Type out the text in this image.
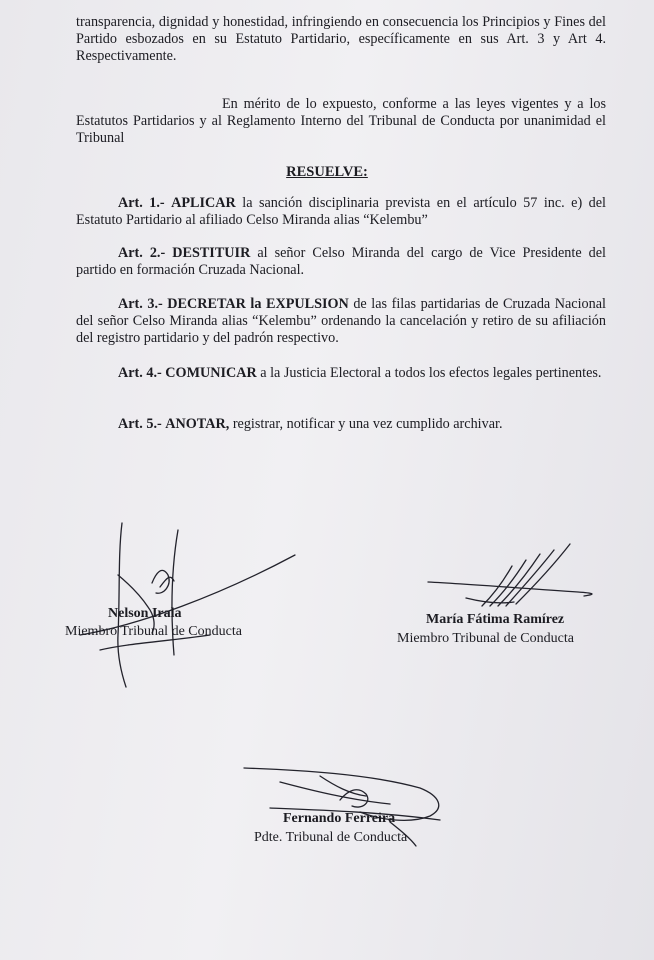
transparencia, dignidad y honestidad, infringiendo en consecuencia los Principios y Fines del Partido esbozados en su Estatuto Partidario, específicamente en sus Art. 3 y Art 4. Respectivamente.

En mérito de lo expuesto, conforme a las leyes vigentes y a los Estatutos Partidarios y al Reglamento Interno del Tribunal de Conducta por unanimidad el Tribunal

RESUELVE:

Art. 1.- APLICAR la sanción disciplinaria prevista en el artículo 57 inc. e) del Estatuto Partidario al afiliado Celso Miranda alias “Kelembu”

Art. 2.- DESTITUIR al señor Celso Miranda del cargo de Vice Presidente del partido en formación Cruzada Nacional.

Art. 3.- DECRETAR la EXPULSION de las filas partidarias de Cruzada Nacional del señor Celso Miranda alias “Kelembu” ordenando la cancelación y retiro de su afiliación del registro partidario y del padrón respectivo.

Art. 4.- COMUNICAR a la Justicia Electoral a todos los efectos legales pertinentes.

Art. 5.- ANOTAR, registrar, notificar y una vez cumplido archivar.

Nelson Irala
Miembro Tribunal de Conducta
María Fátima Ramírez
Miembro Tribunal de Conducta
Fernando Ferreira
Pdte. Tribunal de Conducta
